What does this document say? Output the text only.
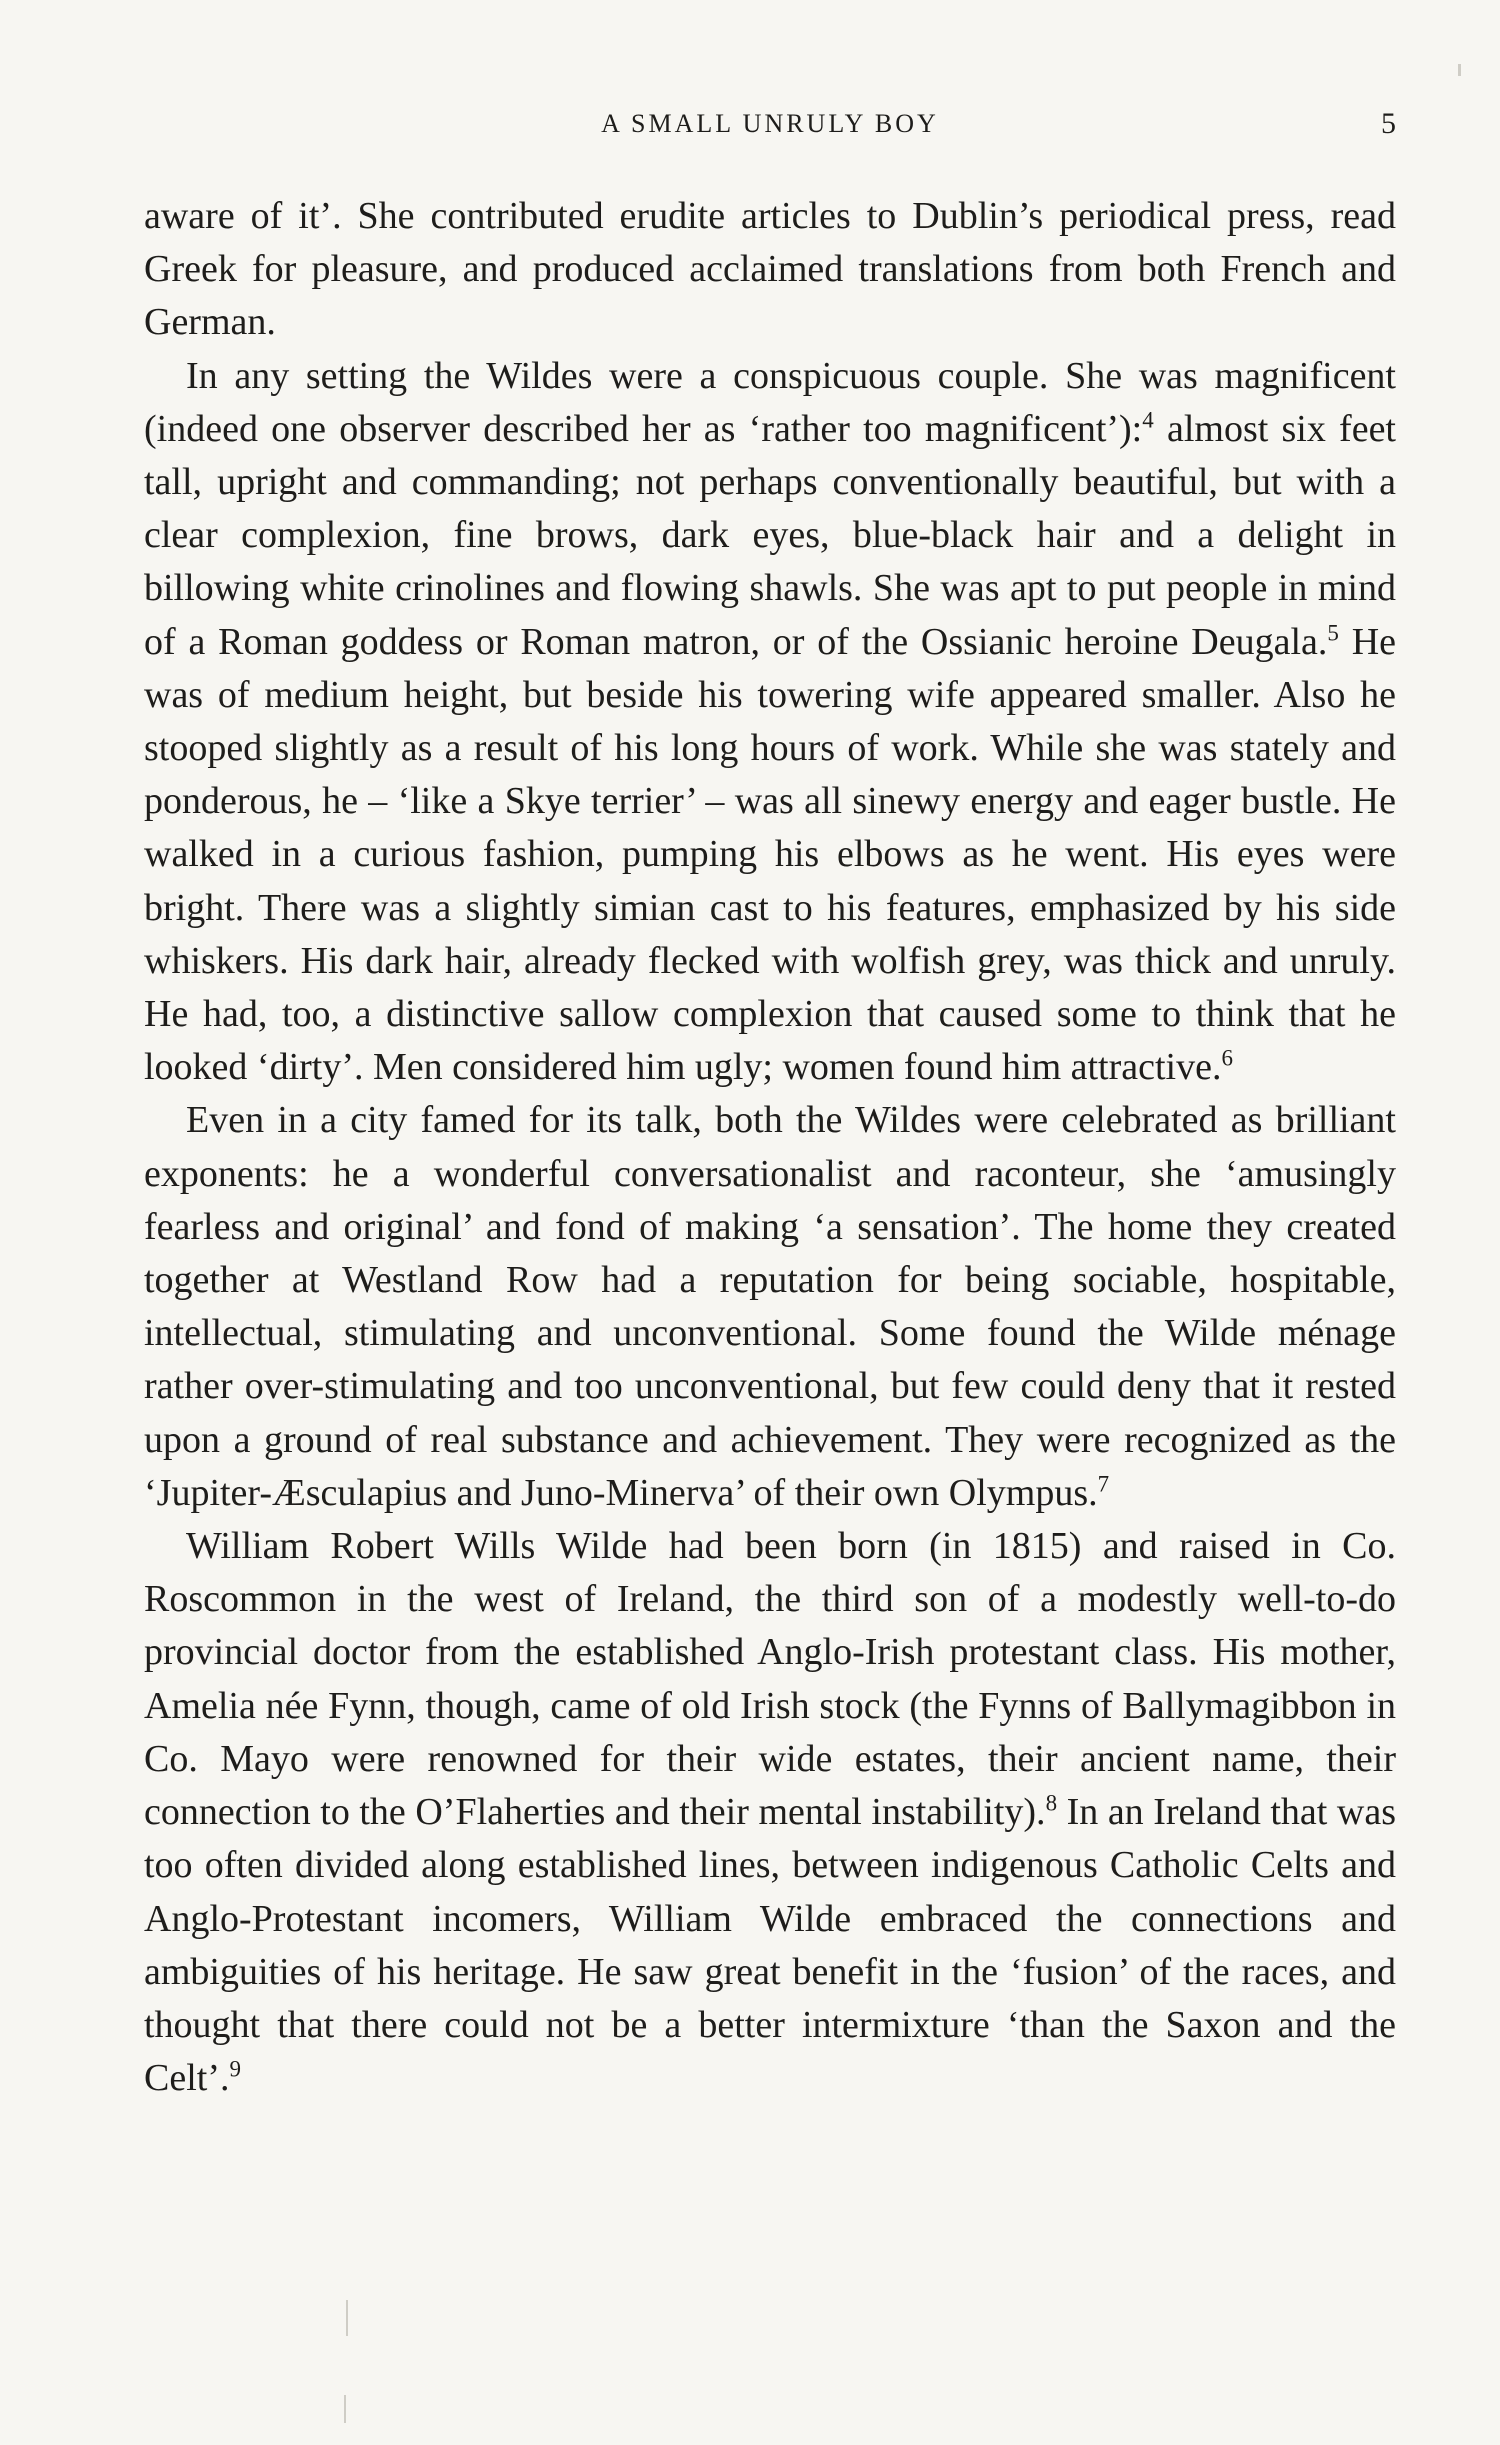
A SMALL UNRULY BOY	5

aware of it’. She contributed erudite articles to Dublin’s periodical press, read Greek for pleasure, and produced acclaimed translations from both French and German.

In any setting the Wildes were a conspicuous couple. She was magnificent (indeed one observer described her as ‘rather too magnificent’):$^4$ almost six feet tall, upright and commanding; not perhaps conventionally beautiful, but with a clear complexion, fine brows, dark eyes, blue-black hair and a delight in billowing white crinolines and flowing shawls. She was apt to put people in mind of a Roman goddess or Roman matron, or of the Ossianic heroine Deugala.$^5$ He was of medium height, but beside his towering wife appeared smaller. Also he stooped slightly as a result of his long hours of work. While she was stately and ponderous, he – ‘like a Skye terrier’ – was all sinewy energy and eager bustle. He walked in a curious fashion, pumping his elbows as he went. His eyes were bright. There was a slightly simian cast to his features, emphasized by his side whiskers. His dark hair, already flecked with wolfish grey, was thick and unruly. He had, too, a distinctive sallow complexion that caused some to think that he looked ‘dirty’. Men considered him ugly; women found him attractive.$^6$

Even in a city famed for its talk, both the Wildes were celebrated as brilliant exponents: he a wonderful conversationalist and raconteur, she ‘amusingly fearless and original’ and fond of making ‘a sensation’. The home they created together at Westland Row had a reputation for being sociable, hospitable, intellectual, stimulating and unconventional. Some found the Wilde ménage rather over-stimulating and too unconventional, but few could deny that it rested upon a ground of real substance and achievement. They were recognized as the ‘Jupiter-Æsculapius and Juno-Minerva’ of their own Olympus.$^7$

William Robert Wills Wilde had been born (in 1815) and raised in Co. Roscommon in the west of Ireland, the third son of a modestly well-to-do provincial doctor from the established Anglo-Irish protestant class. His mother, Amelia née Fynn, though, came of old Irish stock (the Fynns of Ballymagibbon in Co. Mayo were renowned for their wide estates, their ancient name, their connection to the O’Flaherties and their mental instability).$^8$ In an Ireland that was too often divided along established lines, between indigenous Catholic Celts and Anglo-Protestant incomers, William Wilde embraced the connections and ambiguities of his heritage. He saw great benefit in the ‘fusion’ of the races, and thought that there could not be a better intermixture ‘than the Saxon and the Celt’.$^9$
